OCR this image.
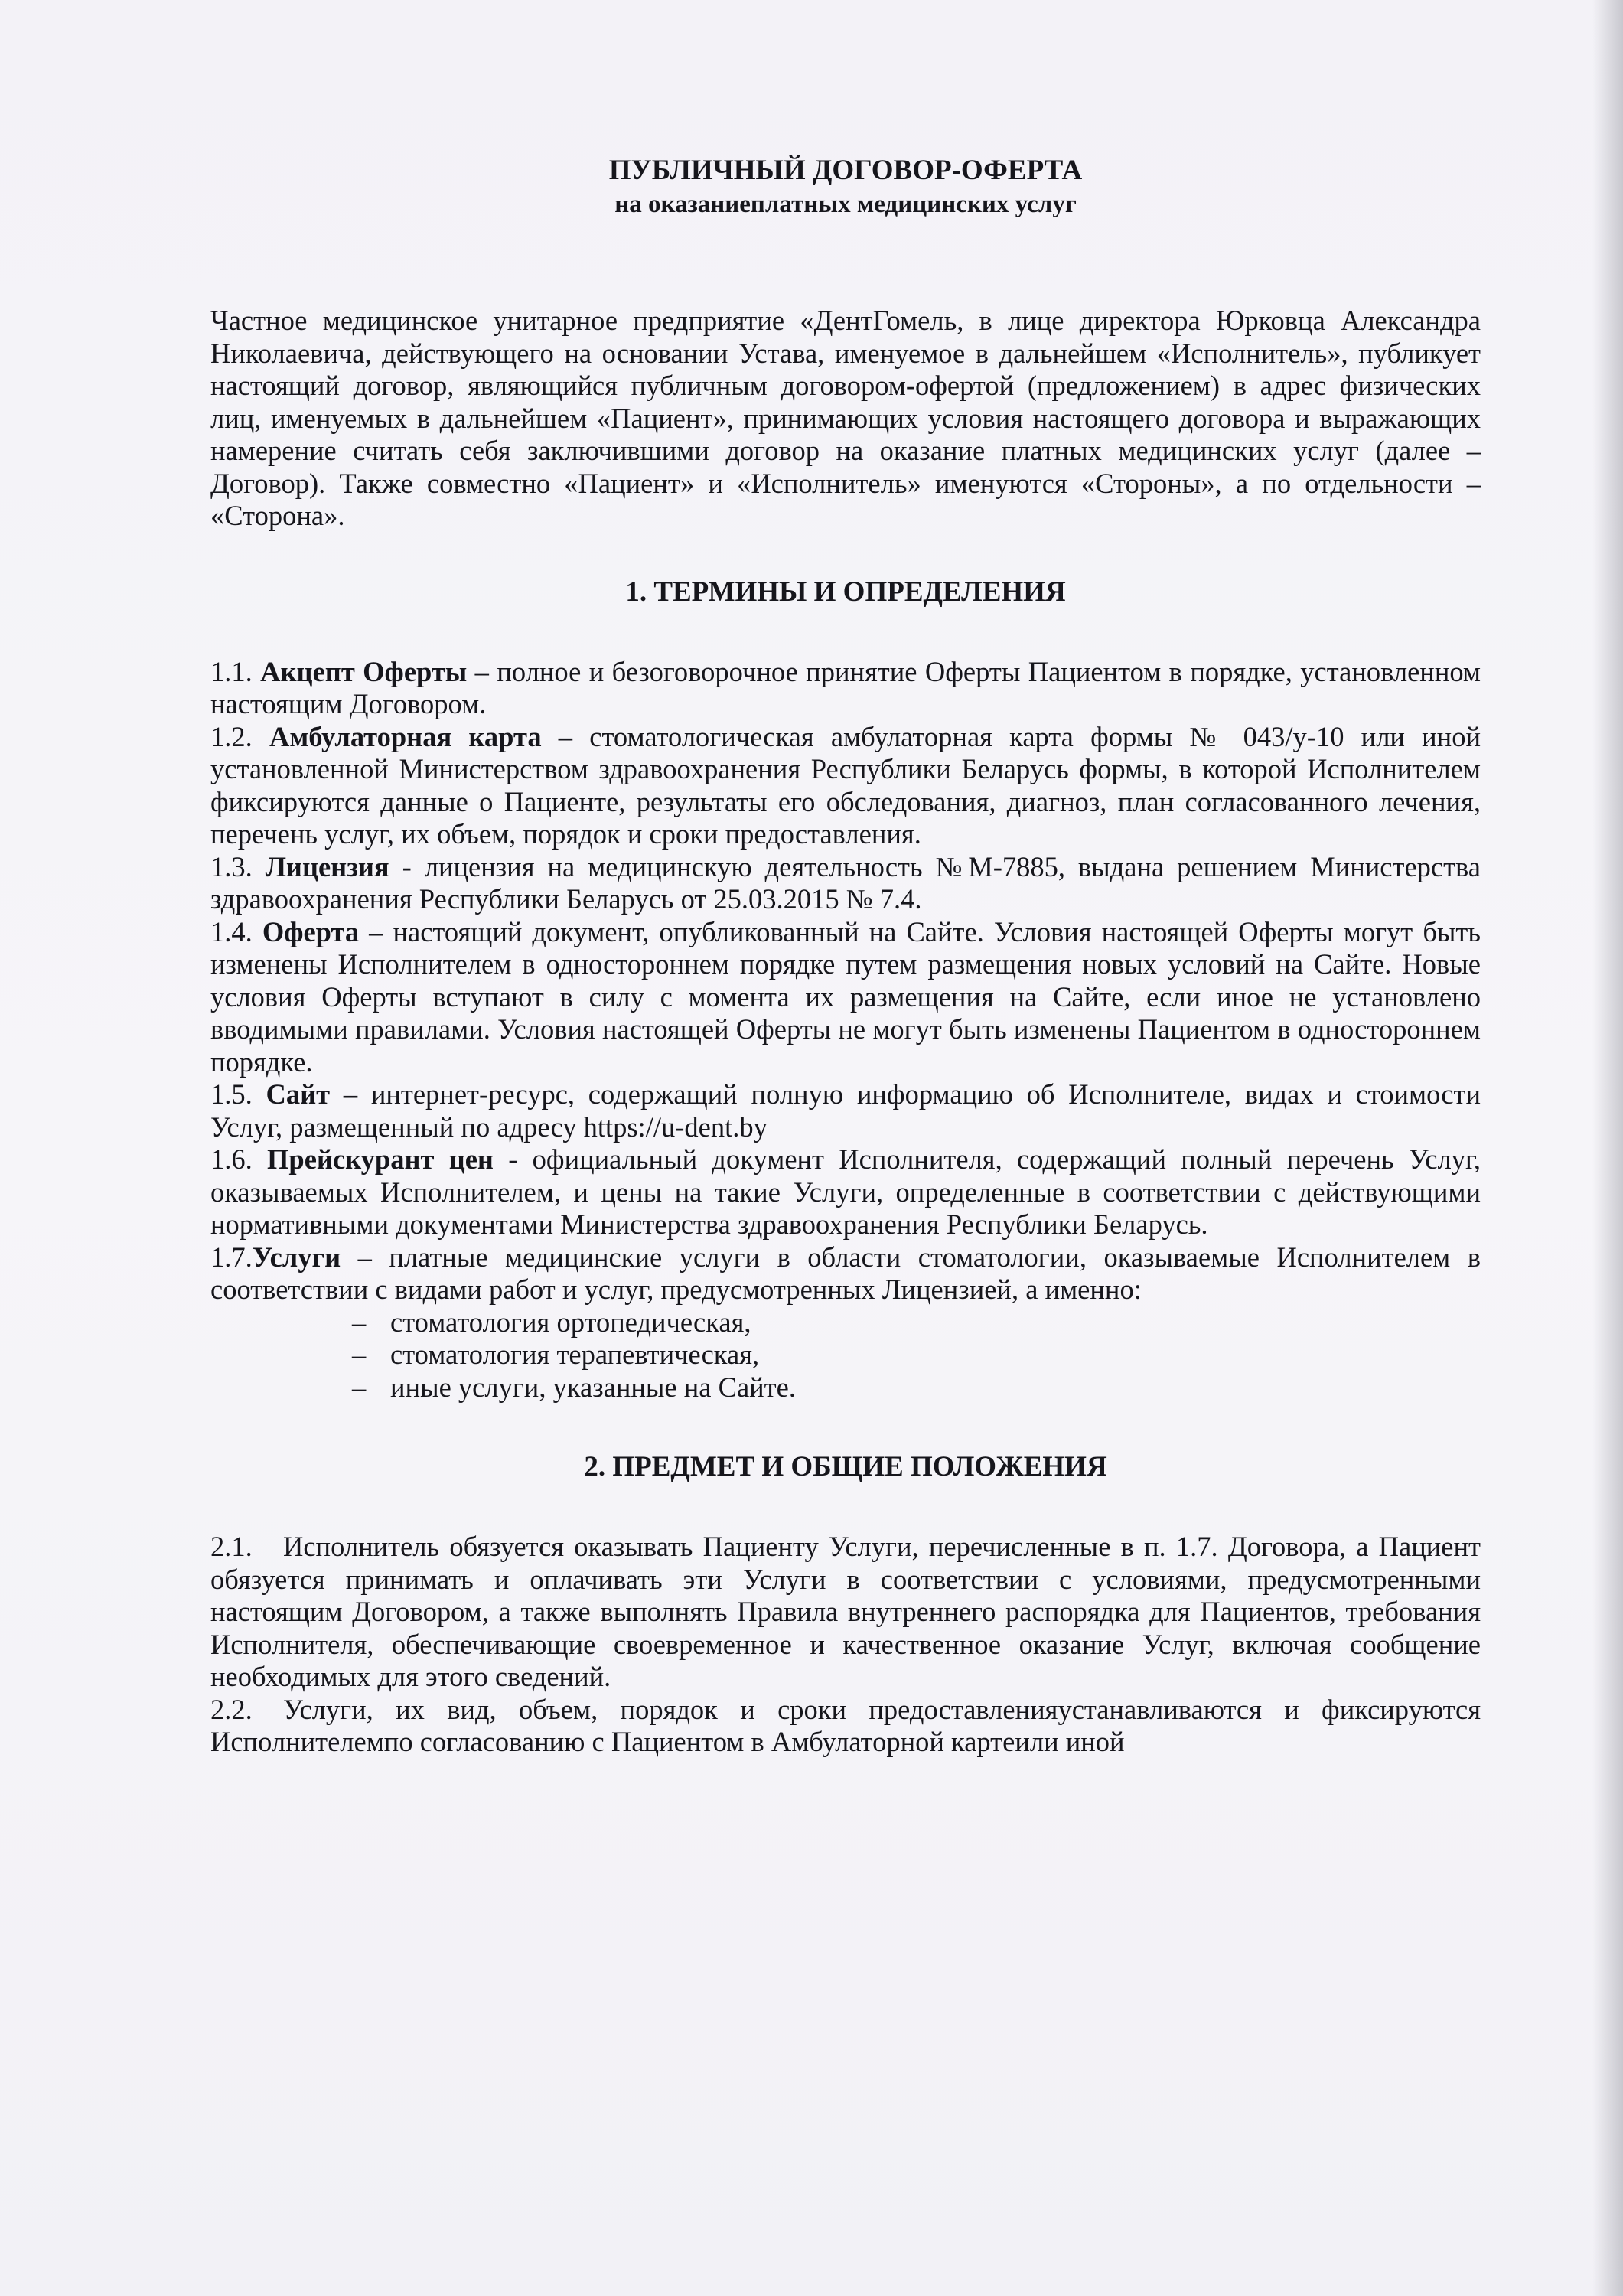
ПУБЛИЧНЫЙ ДОГОВОР-ОФЕРТА
на оказаниеплатных медицинских услуг

Частное медицинское унитарное предприятие «ДентГомель, в лице директора Юрковца Александра Николаевича, действующего на основании Устава, именуемое в дальнейшем «Исполнитель», публикует настоящий договор, являющийся публичным договором-офертой (предложением) в адрес физических лиц, именуемых в дальнейшем «Пациент», принимающих условия настоящего договора и выражающих намерение считать себя заключившими договор на оказание платных медицинских услуг (далее – Договор). Также совместно «Пациент» и «Исполнитель» именуются «Стороны», а по отдельности – «Сторона».

1. ТЕРМИНЫ И ОПРЕДЕЛЕНИЯ

1.1. Акцепт Оферты – полное и безоговорочное принятие Оферты Пациентом в порядке, установленном настоящим Договором.

1.2. Амбулаторная карта – стоматологическая амбулаторная карта формы № 043/у-10 или иной установленной Министерством здравоохранения Республики Беларусь формы, в которой Исполнителем фиксируются данные о Пациенте, результаты его обследования, диагноз, план согласованного лечения, перечень услуг, их объем, порядок и сроки предоставления.

1.3. Лицензия - лицензия на медицинскую деятельность №М-7885, выдана решением Министерства здравоохранения Республики Беларусь от 25.03.2015 № 7.4.

1.4. Оферта – настоящий документ, опубликованный на Сайте. Условия настоящей Оферты могут быть изменены Исполнителем в одностороннем порядке путем размещения новых условий на Сайте. Новые условия Оферты вступают в силу с момента их размещения на Сайте, если иное не установлено вводимыми правилами. Условия настоящей Оферты не могут быть изменены Пациентом в одностороннем порядке.

1.5. Сайт – интернет-ресурс, содержащий полную информацию об Исполнителе, видах и стоимости Услуг, размещенный по адресу https://u-dent.by

1.6. Прейскурант цен - официальный документ Исполнителя, содержащий полный перечень Услуг, оказываемых Исполнителем, и цены на такие Услуги, определенные в соответствии с действующими нормативными документами Министерства здравоохранения Республики Беларусь.

1.7.Услуги – платные медицинские услуги в области стоматологии, оказываемые Исполнителем в соответствии с видами работ и услуг, предусмотренных Лицензией, а именно:

– стоматология ортопедическая,
– стоматология терапевтическая,
– иные услуги, указанные на Сайте.
2. ПРЕДМЕТ И ОБЩИЕ ПОЛОЖЕНИЯ

2.1. Исполнитель обязуется оказывать Пациенту Услуги, перечисленные в п. 1.7. Договора, а Пациент обязуется принимать и оплачивать эти Услуги в соответствии с условиями, предусмотренными настоящим Договором, а также выполнять Правила внутреннего распорядка для Пациентов, требования Исполнителя, обеспечивающие своевременное и качественное оказание Услуг, включая сообщение необходимых для этого сведений.

2.2. Услуги, их вид, объем, порядок и сроки предоставленияустанавливаются и фиксируются Исполнителемпо согласованию с Пациентом в Амбулаторной картеили иной
